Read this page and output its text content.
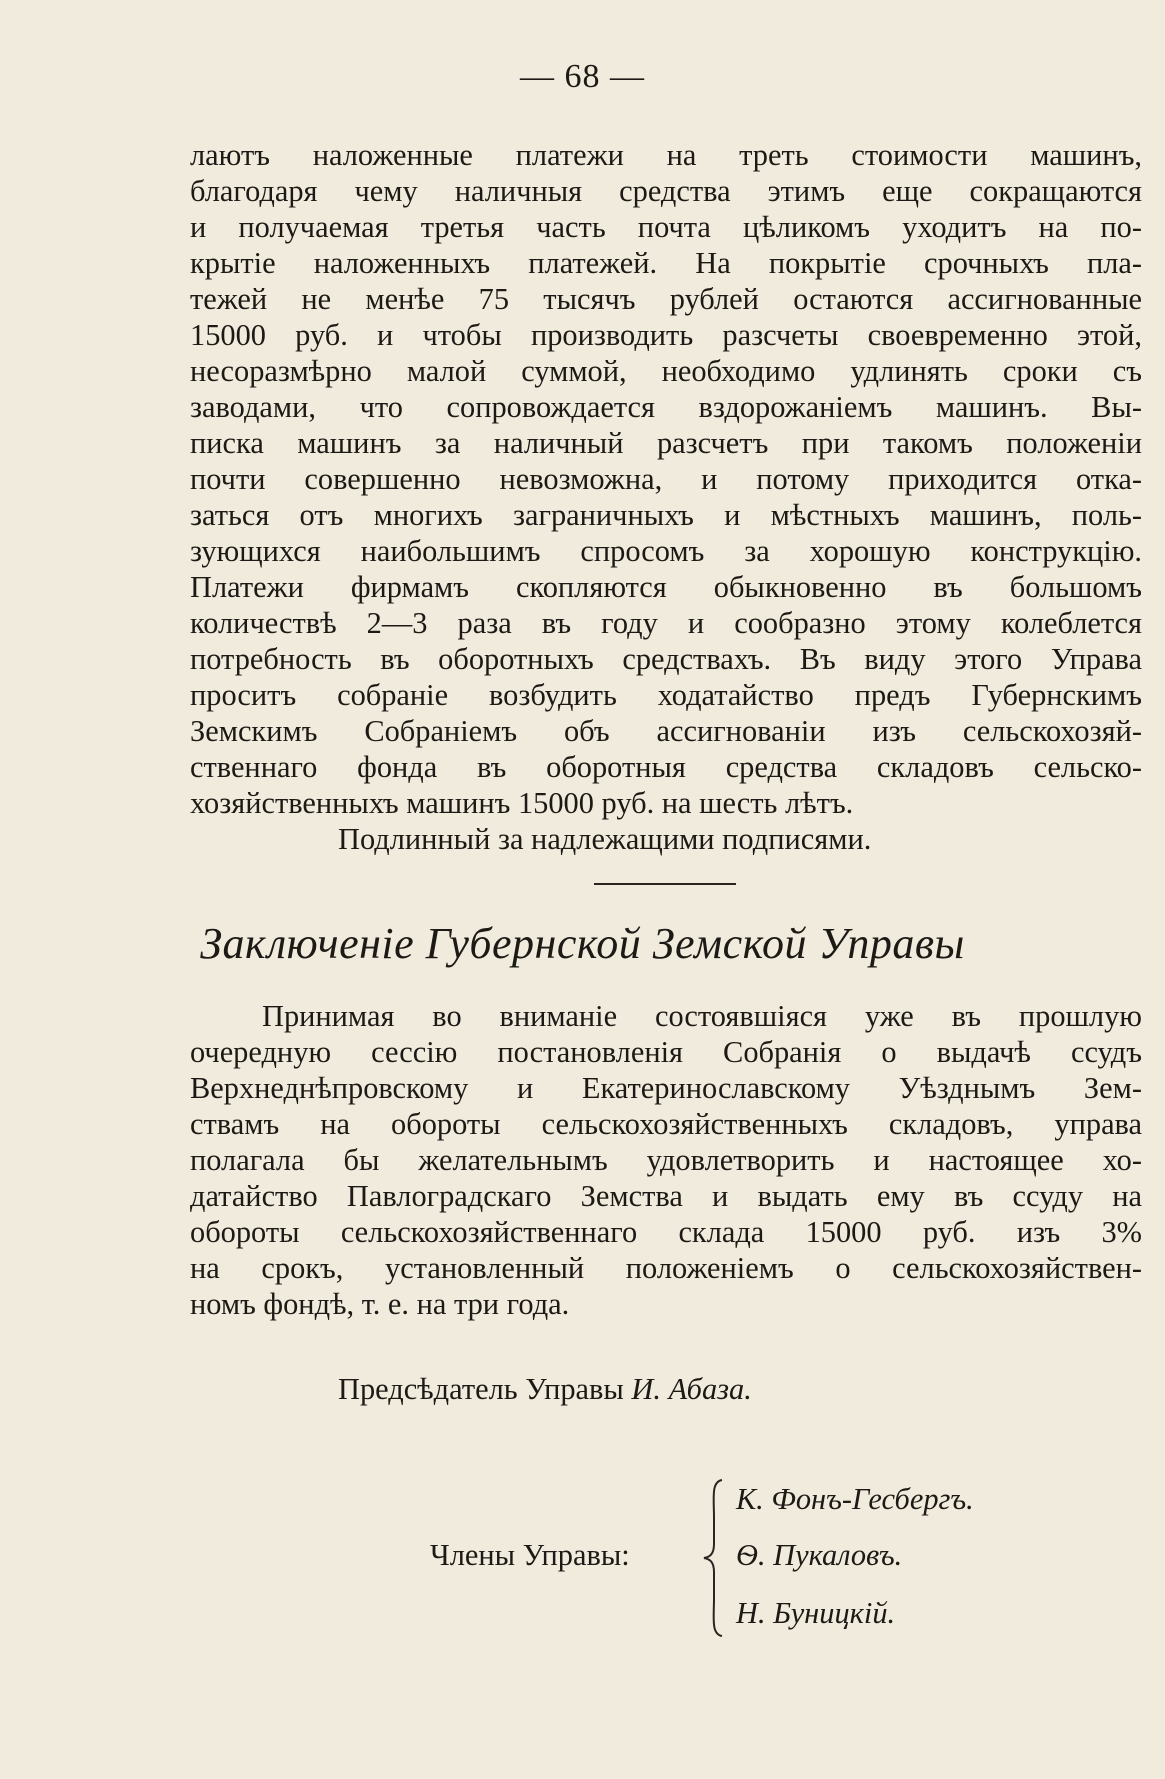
— 68 —
лаютъ наложенные платежи на треть стоимости машинъ,
благодаря чему наличныя средства этимъ еще сокращаются
и получаемая третья часть почта цѣликомъ уходитъ на по-
крытіе наложенныхъ платежей. На покрытіе срочныхъ пла-
тежей не менѣе 75 тысячъ рублей остаются ассигнованные
15000 руб. и чтобы производить разсчеты своевременно этой,
несоразмѣрно малой суммой, необходимо удлинять сроки съ
заводами, что сопровождается вздорожаніемъ машинъ. Вы-
писка машинъ за наличный разсчетъ при такомъ положеніи
почти совершенно невозможна, и потому приходится отка-
заться отъ многихъ заграничныхъ и мѣстныхъ машинъ, поль-
зующихся наибольшимъ спросомъ за хорошую конструкцію.
Платежи фирмамъ скопляются обыкновенно въ большомъ
количествѣ 2—3 раза въ году и сообразно этому колеблется
потребность въ оборотныхъ средствахъ. Въ виду этого Управа
проситъ собраніе возбудить ходатайство предъ Губернскимъ
Земскимъ Собраніемъ объ ассигнованіи изъ сельскохозяй-
ственнаго фонда въ оборотныя средства складовъ сельско-
хозяйственныхъ машинъ 15000 руб. на шесть лѣтъ.
Подлинный за надлежащими подписями.
Заключеніе Губернской Земской Управы
Принимая во вниманіе состоявшіяся уже въ прошлую
очередную сессію постановленія Собранія о выдачѣ ссудъ
Верхнеднѣпровскому и Екатеринославскому Уѣзднымъ Зем-
ствамъ на обороты сельскохозяйственныхъ складовъ, управа
полагала бы желательнымъ удовлетворить и настоящее хо-
датайство Павлоградскаго Земства и выдать ему въ ссуду на
обороты сельскохозяйственнаго склада 15000 руб. изъ 3%
на срокъ, установленный положеніемъ о сельскохозяйствен-
номъ фондѣ, т. е. на три года.
Предсѣдатель Управы И. Абаза.
Члены Управы:
К. Фонъ-Гесбергъ.
Ѳ. Пукаловъ.
Н. Буницкій.
